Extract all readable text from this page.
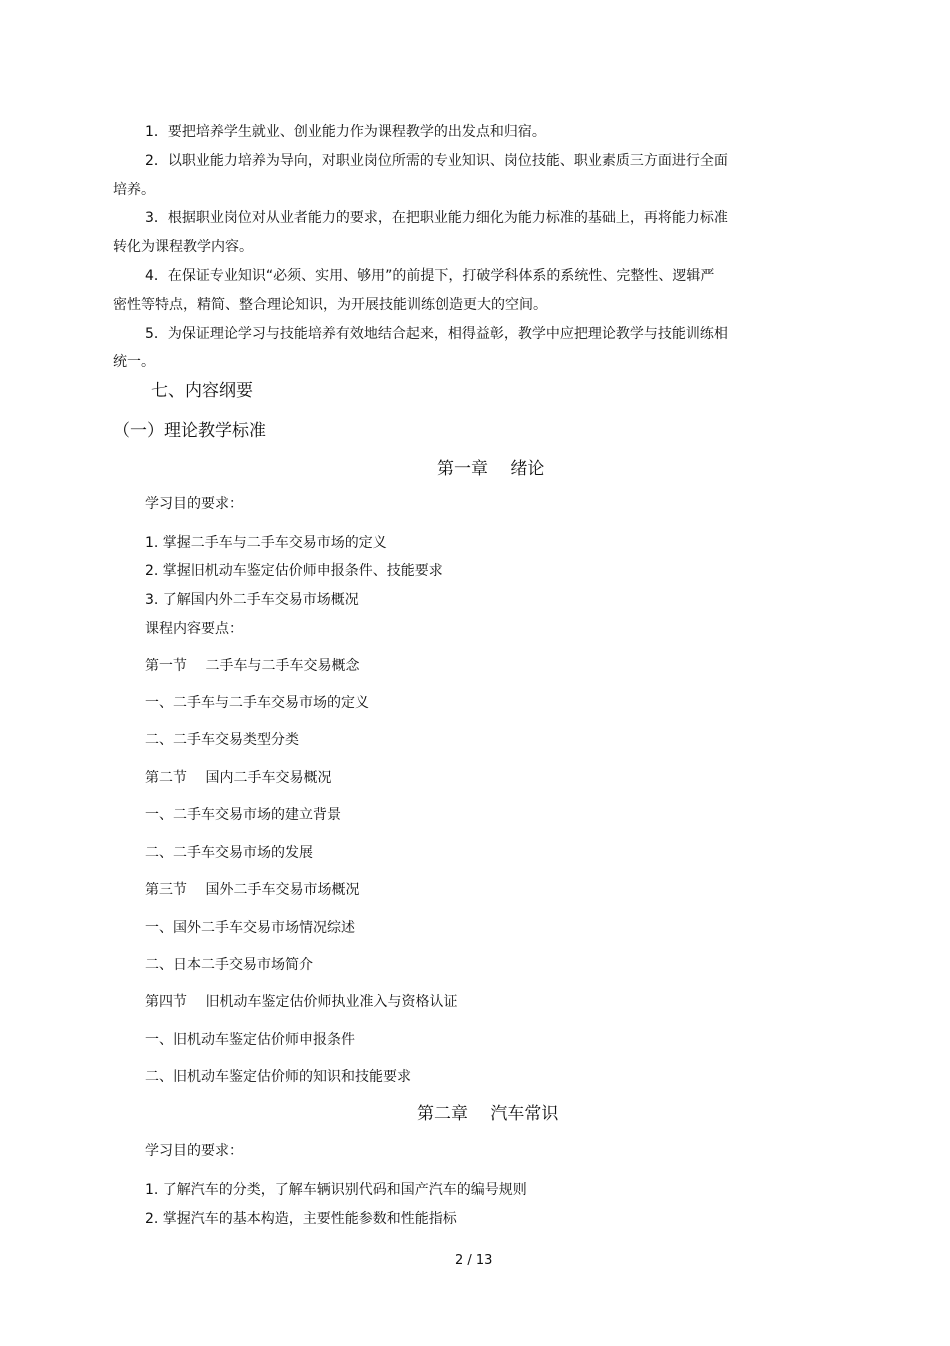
1．要把培养学生就业、创业能力作为课程教学的出发点和归宿。
2．以职业能力培养为导向，对职业岗位所需的专业知识、岗位技能、职业素质三方面进行全面
培养。
3．根据职业岗位对从业者能力的要求，在把职业能力细化为能力标准的基础上，再将能力标准
转化为课程教学内容。
4．在保证专业知识“必须、实用、够用”的前提下，打破学科体系的系统性、完整性、逻辑严
密性等特点，精简、整合理论知识，为开展技能训练创造更大的空间。
5．为保证理论学习与技能培养有效地结合起来，相得益彰，教学中应把理论教学与技能训练相
统一。
七、内容纲要
（一）理论教学标准
第一章　 绪论
学习目的要求：
1. 掌握二手车与二手车交易市场的定义
2. 掌握旧机动车鉴定估价师申报条件、技能要求
3. 了解国内外二手车交易市场概况
课程内容要点：
第一节　 二手车与二手车交易概念
一、二手车与二手车交易市场的定义
二、二手车交易类型分类
第二节　 国内二手车交易概况
一、二手车交易市场的建立背景
二、二手车交易市场的发展
第三节　 国外二手车交易市场概况
一、国外二手车交易市场情况综述
二、日本二手交易市场简介
第四节　 旧机动车鉴定估价师执业准入与资格认证
一、旧机动车鉴定估价师申报条件
二、旧机动车鉴定估价师的知识和技能要求
第二章　 汽车常识
学习目的要求：
1. 了解汽车的分类，了解车辆识别代码和国产汽车的编号规则
2. 掌握汽车的基本构造，主要性能参数和性能指标
2 / 13
